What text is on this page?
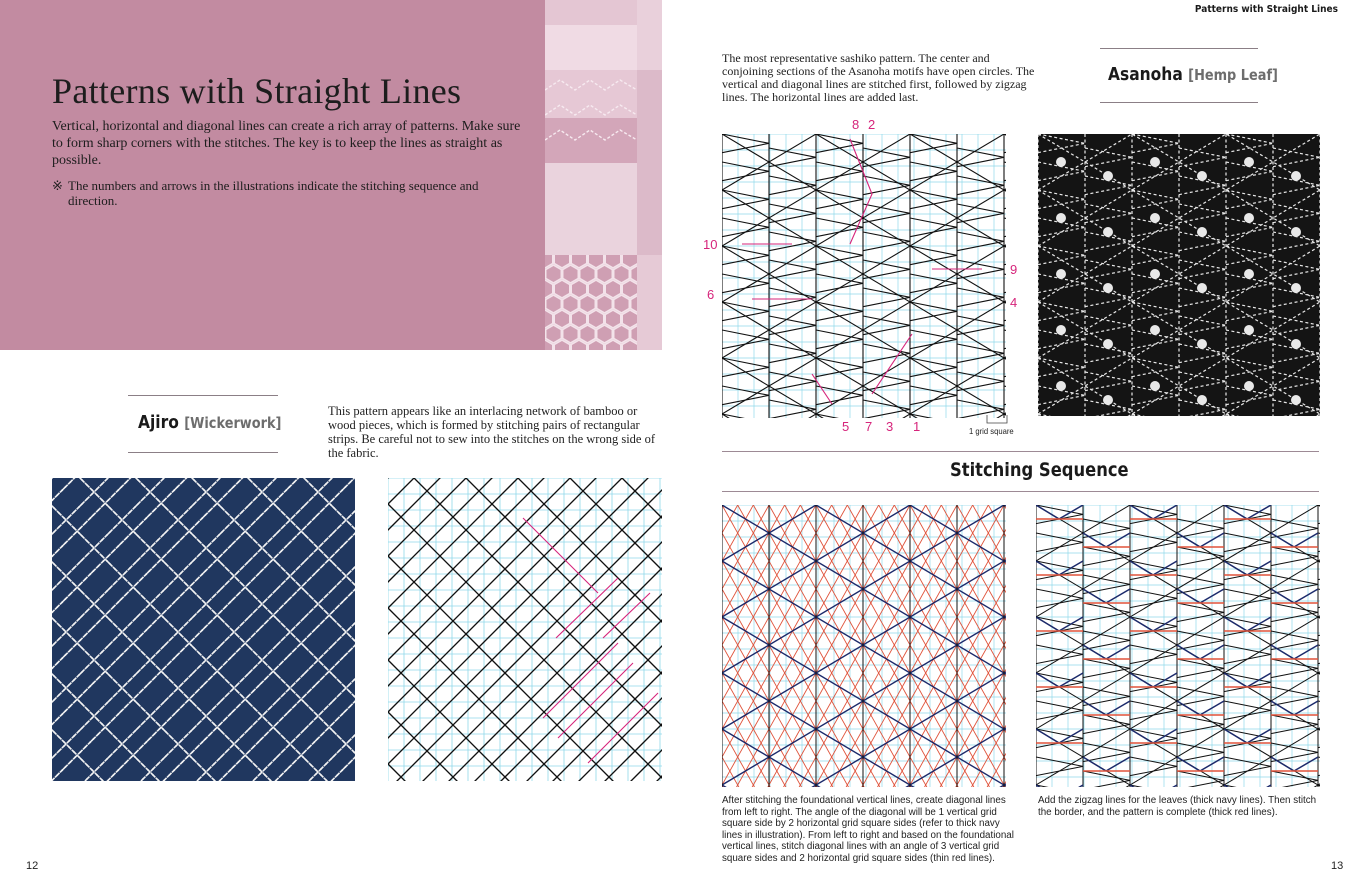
Patterns with Straight Lines
Vertical, horizontal and diagonal lines can create a rich array of patterns. Make sure to form sharp corners with the stitches. The key is to keep the lines as straight as possible.
※ The numbers and arrows in the illustrations indicate the stitching sequence and
direction.
Ajiro [Wickerwork]
This pattern appears like an interlacing network of bamboo or wood pieces, which is formed by stitching pairs of rectangular strips. Be careful not to sew into the stitches on the wrong side of the fabric.
12
Patterns with Straight Lines
The most representative sashiko pattern. The center and conjoining sections of the Asanoha motifs have open circles. The vertical and diagonal lines are stitched first, followed by zigzag lines. The horizontal lines are added last.
Asanoha [Hemp Leaf]
8 2
10
6
9
4
5 7 3 1	1 grid square
Stitching Sequence
After stitching the foundational vertical lines, create diagonal lines from left to right. The angle of the diagonal will be 1 vertical grid square side by 2 horizontal grid square sides (refer to thick navy lines in illustration). From left to right and based on the foundational vertical lines, stitch diagonal lines with an angle of 3 vertical grid square sides and 2 horizontal grid square sides (thin red lines).
Add the zigzag lines for the leaves (thick navy lines). Then stitch the border, and the pattern is complete (thick red lines).
13
